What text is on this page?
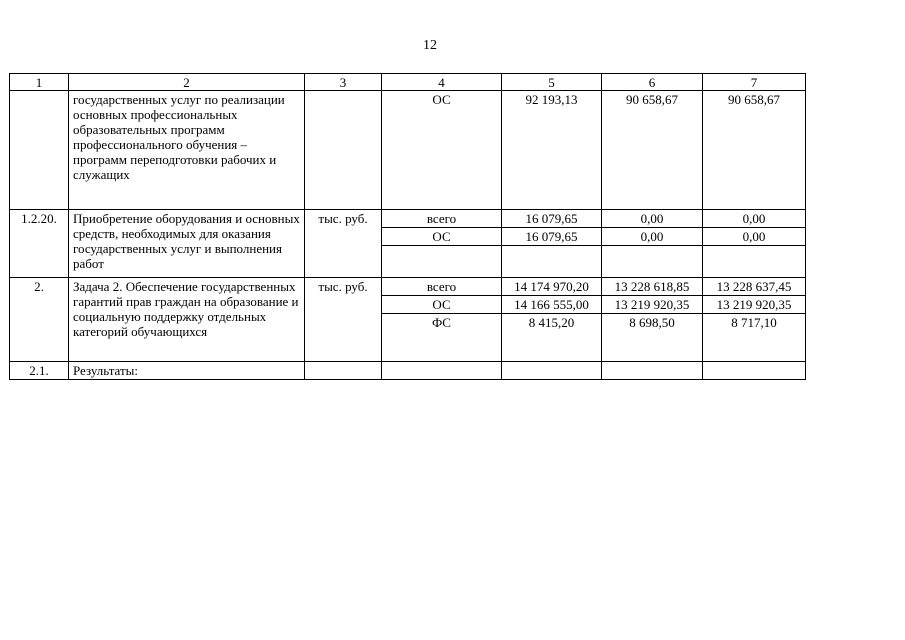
12
1	2	3	4	5	6	7
	государственных услуг по реализации основных профессиональных образовательных программ профессионального обучения – программ переподготовки рабочих и служащих		ОС	92 193,13	90 658,67	90 658,67
1.2.20.	Приобретение оборудования и основных средств, необходимых для оказания государственных услуг и выполнения работ	тыс. руб.	всего	16 079,65	0,00	0,00
			ОС	16 079,65	0,00	0,00

2.	Задача 2. Обеспечение государственных гарантий прав граждан на образование и социальную поддержку отдельных категорий обучающихся	тыс. руб.	всего	14 174 970,20	13 228 618,85	13 228 637,45
			ОС	14 166 555,00	13 219 920,35	13 219 920,35
			ФС	8 415,20	8 698,50	8 717,10
2.1.	Результаты:					
